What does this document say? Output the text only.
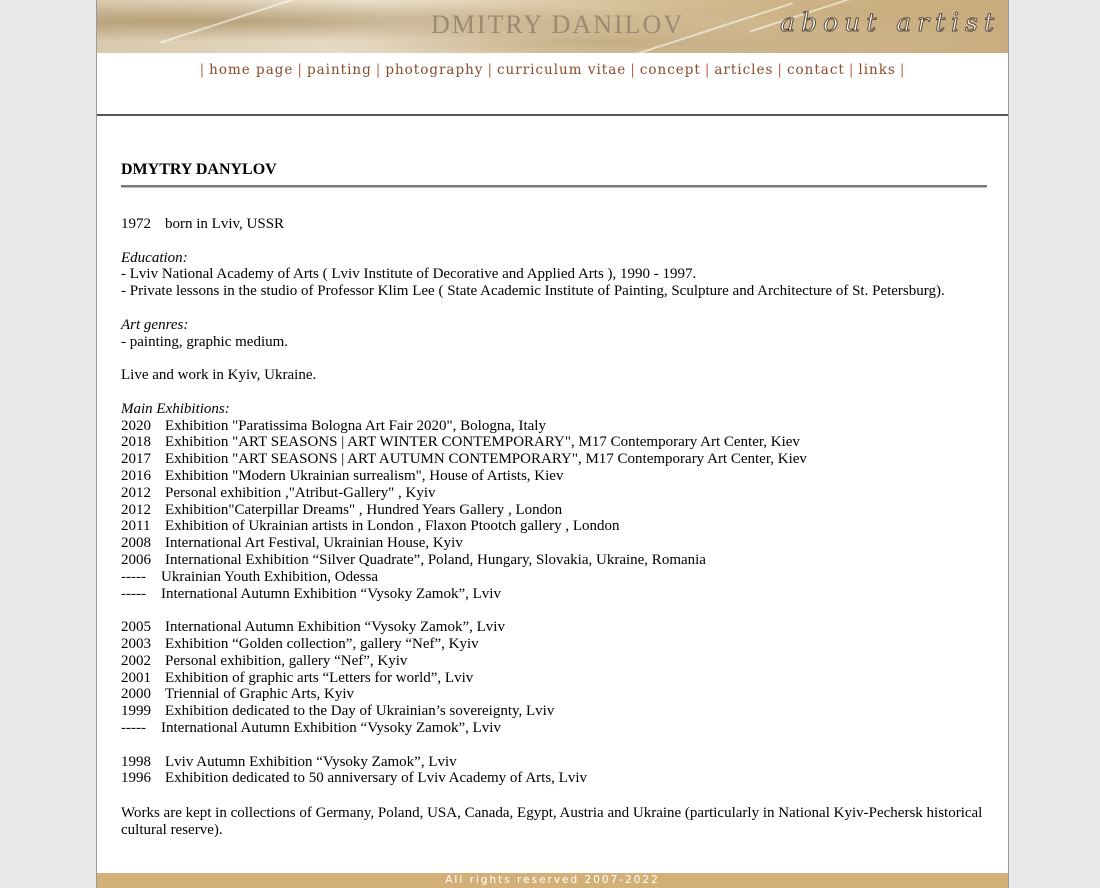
DMITRY DANILOV	about artist
| home page | painting | photography | curriculum vitae | concept | articles | contact | links |
DMYTRY DANYLOV
1972 born in Lviv, USSR
Education:
- Lviv National Academy of Arts ( Lviv Institute of Decorative and Applied Arts ), 1990 - 1997.
- Private lessons in the studio of Professor Klim Lee ( State Academic Institute of Painting, Sculpture and Architecture of St. Petersburg).
Art genres:
- painting, graphic medium.
Live and work in Kyiv, Ukraine.
Main Exhibitions:
2020 Exhibition "Paratissima Bologna Art Fair 2020", Bologna, Italy
2018 Exhibition "ART SEASONS | ART WINTER CONTEMPORARY", M17 Contemporary Art Center, Kiev
2017 Exhibition "ART SEASONS | ART AUTUMN CONTEMPORARY", M17 Contemporary Art Center, Kiev
2016 Exhibition "Modern Ukrainian surrealism", House of Artists, Kiev
2012 Personal exhibition ,"Atribut-Gallery" , Kyiv
2012 Exhibition"Caterpillar Dreams" , Hundred Years Gallery , London
2011 Exhibition of Ukrainian artists in London , Flaxon Ptootch gallery , London
2008 International Art Festival, Ukrainian House, Kyiv
2006 International Exhibition “Silver Quadrate”, Poland, Hungary, Slovakia, Ukraine, Romania
----- Ukrainian Youth Exhibition, Odessa
----- International Autumn Exhibition “Vysoky Zamok”, Lviv
2005 International Autumn Exhibition “Vysoky Zamok”, Lviv
2003 Exhibition “Golden collection”, gallery “Nef”, Kyiv
2002 Personal exhibition, gallery “Nef”, Kyiv
2001 Exhibition of graphic arts “Letters for world”, Lviv
2000 Triennial of Graphic Arts, Kyiv
1999 Exhibition dedicated to the Day of Ukrainian’s sovereignty, Lviv
----- International Autumn Exhibition “Vysoky Zamok”, Lviv
1998 Lviv Autumn Exhibition “Vysoky Zamok”, Lviv
1996 Exhibition dedicated to 50 anniversary of Lviv Academy of Arts, Lviv
Works are kept in collections of Germany, Poland, USA, Canada, Egypt, Austria and Ukraine (particularly in National Kyiv-Pechersk historical cultural reserve).
All rights reserved 2007-2022
